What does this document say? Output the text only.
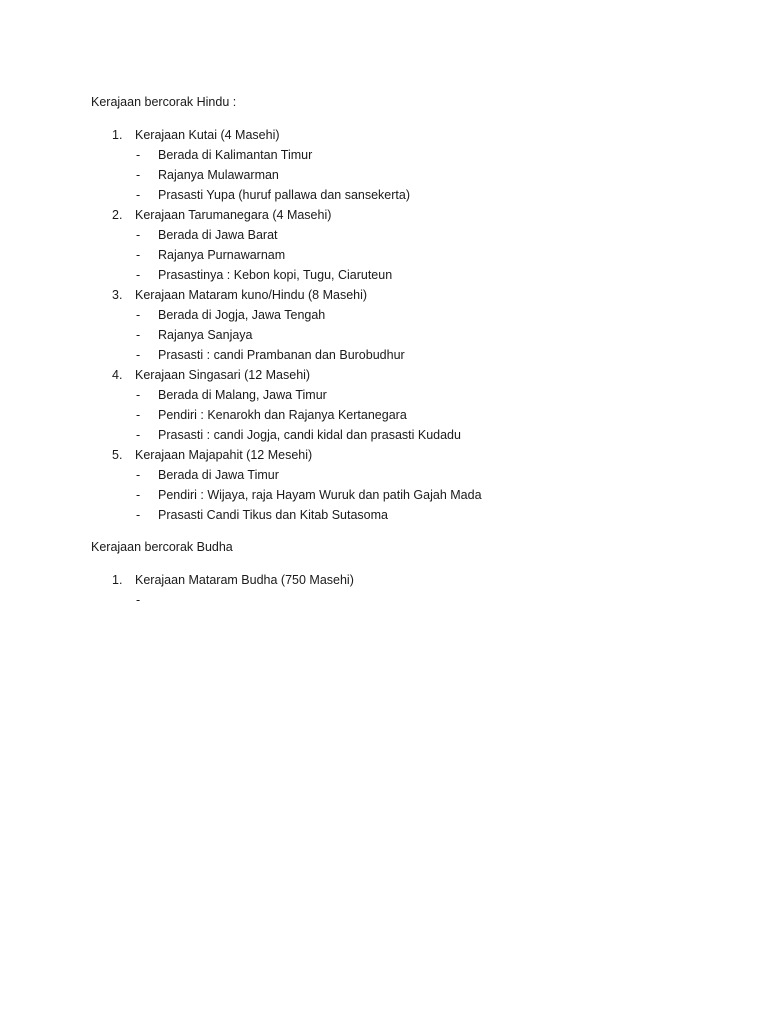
Kerajaan bercorak Hindu :
1. Kerajaan Kutai (4 Masehi)
- Berada di Kalimantan Timur
- Rajanya Mulawarman
- Prasasti Yupa (huruf pallawa dan sansekerta)
2. Kerajaan Tarumanegara (4 Masehi)
- Berada di Jawa Barat
- Rajanya Purnawarnam
- Prasastinya : Kebon kopi, Tugu, Ciaruteun
3. Kerajaan Mataram kuno/Hindu (8 Masehi)
- Berada di Jogja, Jawa Tengah
- Rajanya Sanjaya
- Prasasti : candi Prambanan dan Burobudhur
4. Kerajaan Singasari (12 Masehi)
- Berada di Malang, Jawa Timur
- Pendiri : Kenarokh dan Rajanya Kertanegara
- Prasasti : candi Jogja, candi kidal dan prasasti Kudadu
5. Kerajaan Majapahit (12 Mesehi)
- Berada di Jawa Timur
- Pendiri : Wijaya, raja Hayam Wuruk dan patih Gajah Mada
- Prasasti Candi Tikus dan Kitab Sutasoma
Kerajaan bercorak Budha
1. Kerajaan Mataram Budha (750 Masehi)
-
